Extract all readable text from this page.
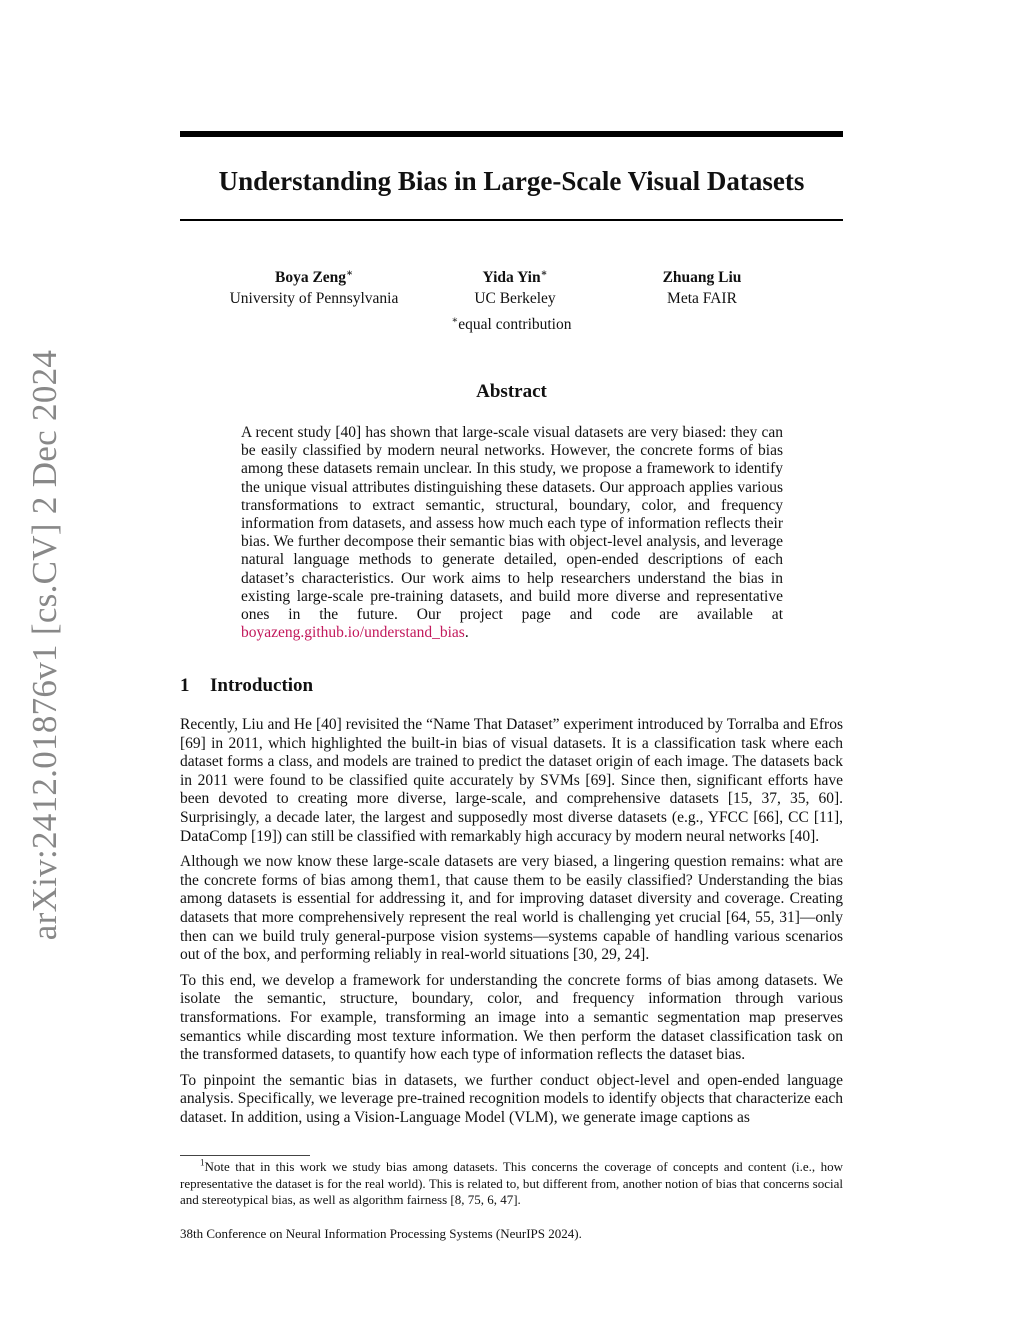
arXiv:2412.01876v1 [cs.CV] 2 Dec 2024
Understanding Bias in Large-Scale Visual Datasets
Boya Zeng∗
University of Pennsylvania
Yida Yin∗
UC Berkeley
Zhuang Liu
Meta FAIR
∗equal contribution
Abstract

A recent study [40] has shown that large-scale visual datasets are very biased: they can be easily classified by modern neural networks. However, the concrete forms of bias among these datasets remain unclear. In this study, we propose a framework to identify the unique visual attributes distinguishing these datasets. Our approach applies various transformations to extract semantic, structural, boundary, color, and frequency information from datasets, and assess how much each type of information reflects their bias. We further decompose their semantic bias with object-level analysis, and leverage natural language methods to generate detailed, open-ended descriptions of each dataset’s characteristics. Our work aims to help researchers understand the bias in existing large-scale pre-training datasets, and build more diverse and representative ones in the future. Our project page and code are available at boyazeng.github.io/understand_bias.

1 Introduction

Recently, Liu and He [40] revisited the “Name That Dataset” experiment introduced by Torralba and Efros [69] in 2011, which highlighted the built-in bias of visual datasets. It is a classification task where each dataset forms a class, and models are trained to predict the dataset origin of each image. The datasets back in 2011 were found to be classified quite accurately by SVMs [69]. Since then, significant efforts have been devoted to creating more diverse, large-scale, and comprehensive datasets [15, 37, 35, 60]. Surprisingly, a decade later, the largest and supposedly most diverse datasets (e.g., YFCC [66], CC [11], DataComp [19]) can still be classified with remarkably high accuracy by modern neural networks [40].

Although we now know these large-scale datasets are very biased, a lingering question remains: what are the concrete forms of bias among them1, that cause them to be easily classified? Understanding the bias among datasets is essential for addressing it, and for improving dataset diversity and coverage. Creating datasets that more comprehensively represent the real world is challenging yet crucial [64, 55, 31]—only then can we build truly general-purpose vision systems—systems capable of handling various scenarios out of the box, and performing reliably in real-world situations [30, 29, 24].

To this end, we develop a framework for understanding the concrete forms of bias among datasets. We isolate the semantic, structure, boundary, color, and frequency information through various transformations. For example, transforming an image into a semantic segmentation map preserves semantics while discarding most texture information. We then perform the dataset classification task on the transformed datasets, to quantify how each type of information reflects the dataset bias.

To pinpoint the semantic bias in datasets, we further conduct object-level and open-ended language analysis. Specifically, we leverage pre-trained recognition models to identify objects that characterize each dataset. In addition, using a Vision-Language Model (VLM), we generate image captions as

$^1$Note that in this work we study bias among datasets. This concerns the coverage of concepts and content (i.e., how representative the dataset is for the real world). This is related to, but different from, another notion of bias that concerns social and stereotypical bias, as well as algorithm fairness [8, 75, 6, 47].

38th Conference on Neural Information Processing Systems (NeurIPS 2024).
